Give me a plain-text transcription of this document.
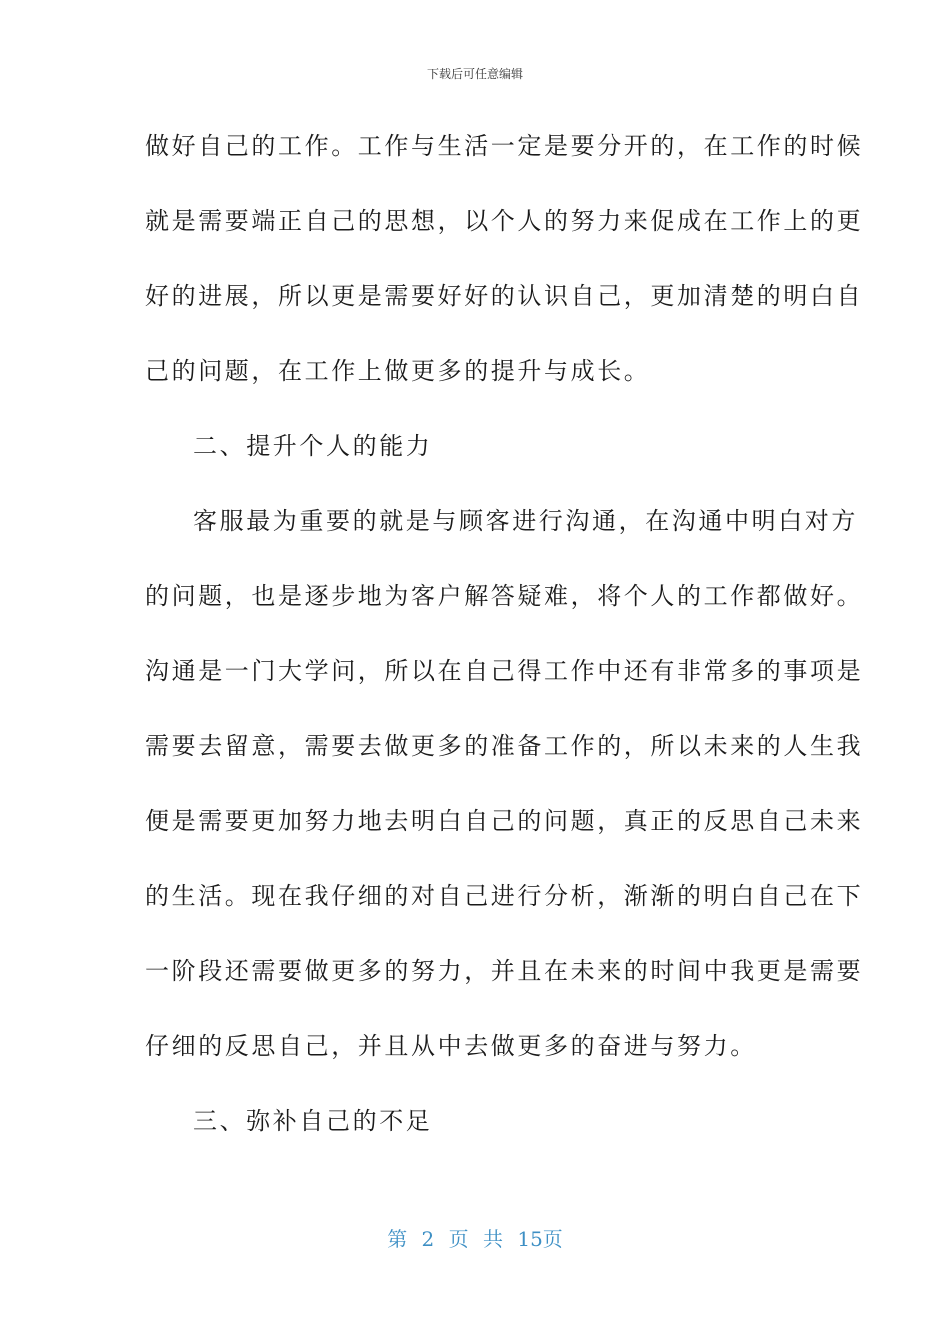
下载后可任意编辑
做好自己的工作。工作与生活一定是要分开的，在工作的时候
就是需要端正自己的思想，以个人的努力来促成在工作上的更
好的进展，所以更是需要好好的认识自己，更加清楚的明白自
己的问题，在工作上做更多的提升与成长。
二、提升个人的能力
客服最为重要的就是与顾客进行沟通，在沟通中明白对方
的问题，也是逐步地为客户解答疑难，将个人的工作都做好。
沟通是一门大学问，所以在自己得工作中还有非常多的事项是
需要去留意，需要去做更多的准备工作的，所以未来的人生我
便是需要更加努力地去明白自己的问题，真正的反思自己未来
的生活。现在我仔细的对自己进行分析，渐渐的明白自己在下
一阶段还需要做更多的努力，并且在未来的时间中我更是需要
仔细的反思自己，并且从中去做更多的奋进与努力。
三、弥补自己的不足
第 2 页 共 15页
